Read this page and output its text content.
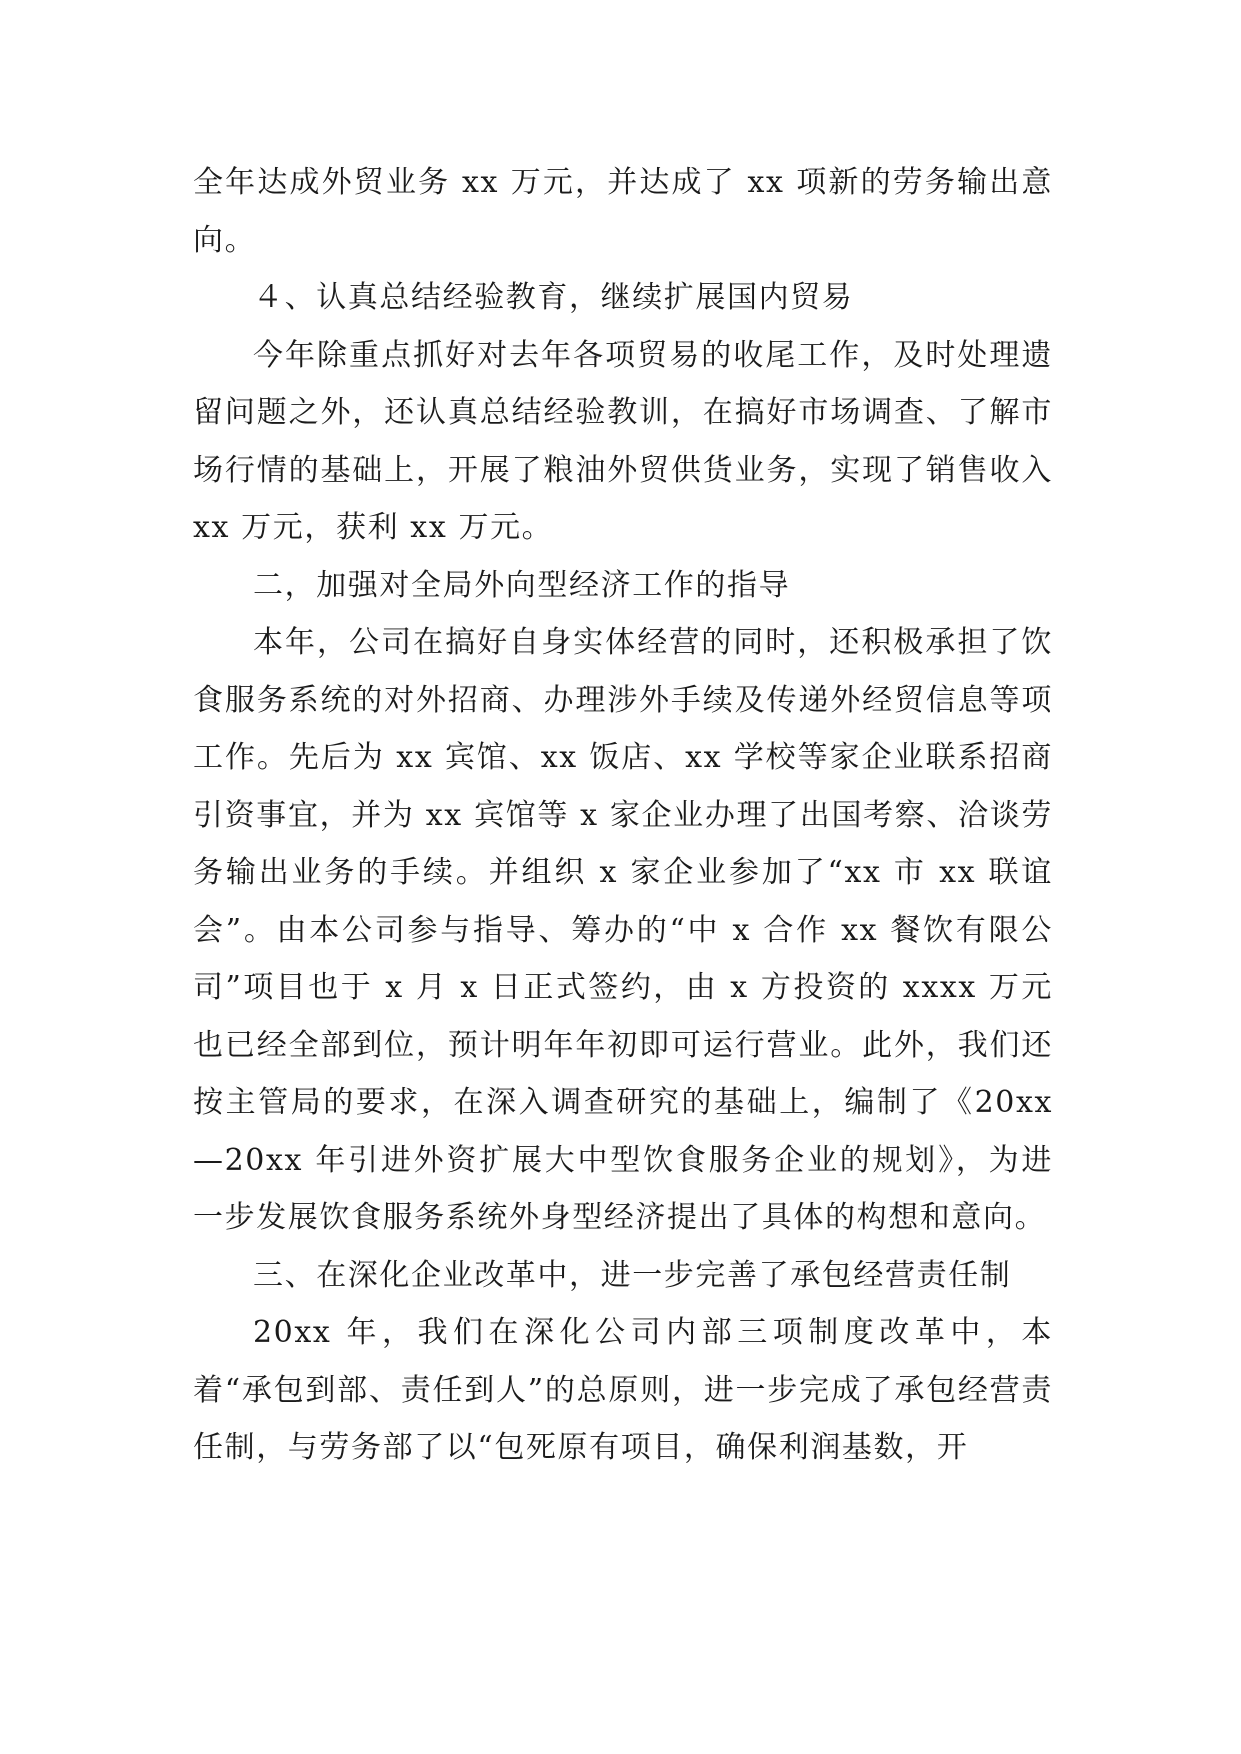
全年达成外贸业务 xx 万元，并达成了 xx 项新的劳务输出意向。

４、认真总结经验教育，继续扩展国内贸易

今年除重点抓好对去年各项贸易的收尾工作，及时处理遗留问题之外，还认真总结经验教训，在搞好市场调查、了解市场行情的基础上，开展了粮油外贸供货业务，实现了销售收入 xx 万元，获利 xx 万元。

二，加强对全局外向型经济工作的指导

本年，公司在搞好自身实体经营的同时，还积极承担了饮食服务系统的对外招商、办理涉外手续及传递外经贸信息等项工作。先后为 xx 宾馆、xx 饭店、xx 学校等家企业联系招商引资事宜，并为 xx 宾馆等 x 家企业办理了出国考察、洽谈劳务输出业务的手续。并组织 x 家企业参加了“xx 市 xx 联谊会”。由本公司参与指导、筹办的“中 x 合作 xx 餐饮有限公司”项目也于 x 月 x 日正式签约，由 x 方投资的 xxxx 万元也已经全部到位，预计明年年初即可运行营业。此外，我们还按主管局的要求，在深入调查研究的基础上，编制了《20xx—20xx 年引进外资扩展大中型饮食服务企业的规划》，为进一步发展饮食服务系统外身型经济提出了具体的构想和意向。

三、在深化企业改革中，进一步完善了承包经营责任制

20xx 年，我们在深化公司内部三项制度改革中，本着“承包到部、责任到人”的总原则，进一步完成了承包经营责任制，与劳务部了以“包死原有项目，确保利润基数，开
